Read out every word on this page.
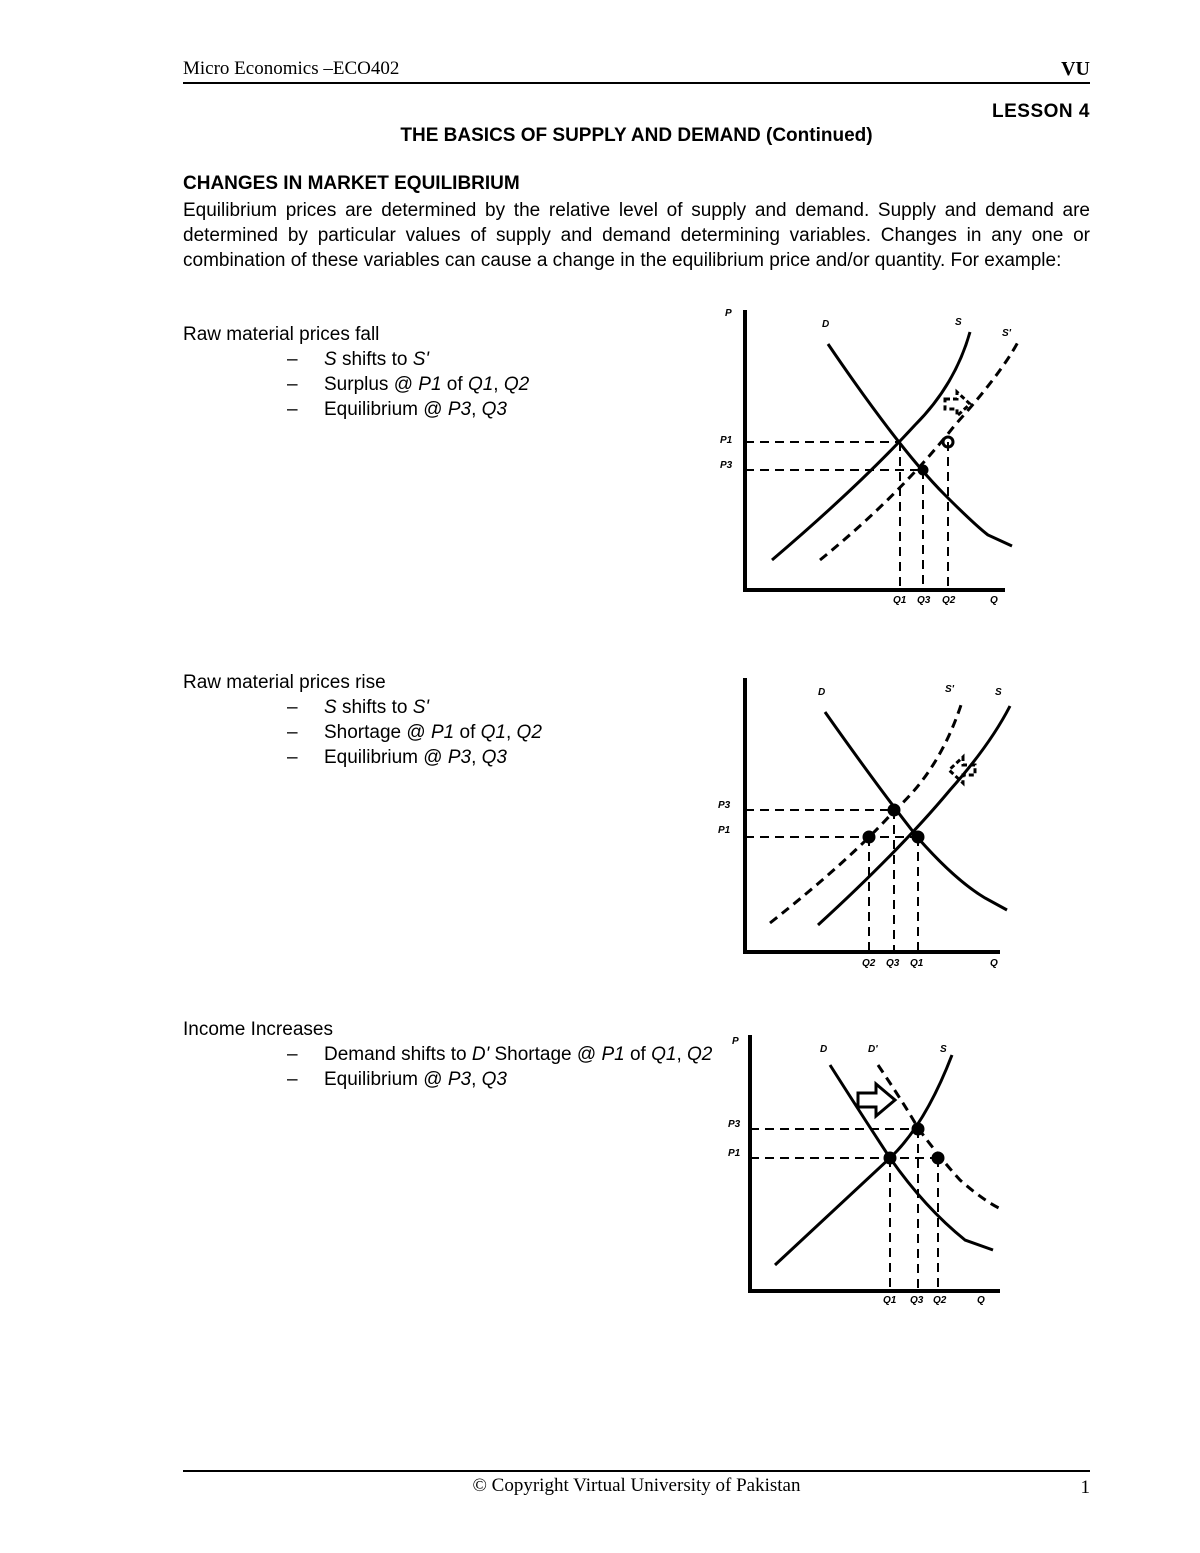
Micro Economics –ECO402	VU
LESSON 4
THE BASICS OF SUPPLY AND DEMAND (Continued)
CHANGES IN MARKET EQUILIBRIUM
Equilibrium prices are determined by the relative level of supply and demand. Supply and demand are determined by particular values of supply and demand determining variables. Changes in any one or combination of these variables can cause a change in the equilibrium price and/or quantity. For example:
Raw material prices fall
– S shifts to S'
– Surplus @ P1 of Q1, Q2
– Equilibrium @ P3, Q3
Raw material prices rise
– S shifts to S'
– Shortage @ P1 of Q1, Q2
– Equilibrium @ P3, Q3
Income Increases
– Demand shifts to D' Shortage @ P1 of Q1, Q2
– Equilibrium @ P3, Q3
P
Q
D	S
S'
P1
P3
Q1 Q3 Q2
Q
D	S'	S
P3
P1
Q2 Q3 Q1
P
Q
D	D'	S
P3
P1
Q1 Q3 Q2
© Copyright Virtual University of Pakistan	1
